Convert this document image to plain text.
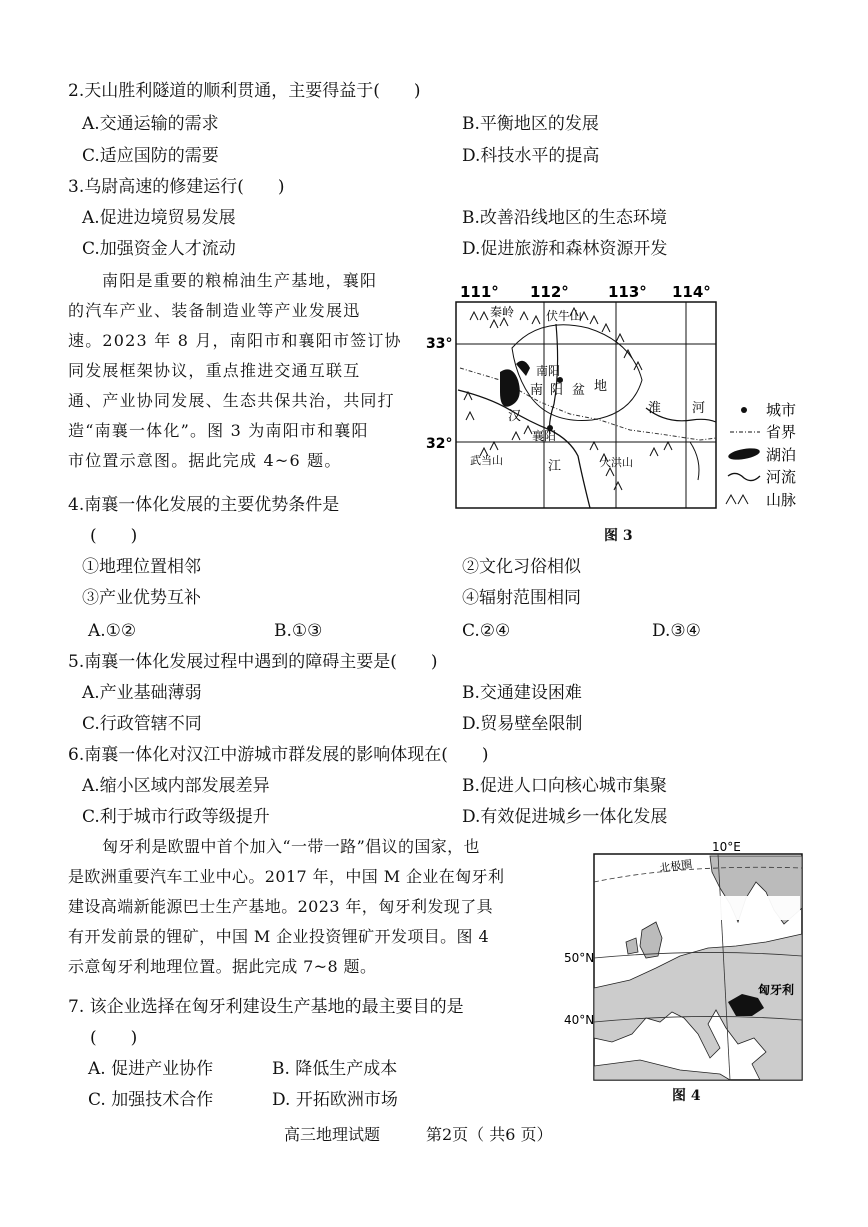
2.天山胜利隧道的顺利贯通，主要得益于(　　)
A.交通运输的需求	B.平衡地区的发展
C.适应国防的需要	D.科技水平的提高
3.乌尉高速的修建运行(　　)
A.促进边境贸易发展	B.改善沿线地区的生态环境
C.加强资金人才流动	D.促进旅游和森林资源开发
南阳是重要的粮棉油生产基地，襄阳
的汽车产业、装备制造业等产业发展迅
速。2023 年 8 月，南阳市和襄阳市签订协
同发展框架协议，重点推进交通互联互
通、产业协同发展、生态共保共治，共同打
造“南襄一体化”。图 3 为南阳市和襄阳
市位置示意图。据此完成 4~6 题。
111° 112°	113° 114°
33°
32°
秦岭	伏牛山
南阳
南 阳 盆 地
汉
襄阳
江
淮 河
大洪山
武当山
城市
省界
湖泊
河流
山脉
图 3
4.南襄一体化发展的主要优势条件是
(　　)
①地理位置相邻	②文化习俗相似
③产业优势互补	④辐射范围相同
A.①②	B.①③	C.②④	D.③④
5.南襄一体化发展过程中遇到的障碍主要是(　　)
A.产业基础薄弱	B.交通建设困难
C.行政管辖不同	D.贸易壁垒限制
6.南襄一体化对汉江中游城市群发展的影响体现在(　　)
A.缩小区域内部发展差异	B.促进人口向核心城市集聚
C.利于城市行政等级提升	D.有效促进城乡一体化发展
匈牙利是欧盟中首个加入“一带一路”倡议的国家，也
是欧洲重要汽车工业中心。2017 年，中国 M 企业在匈牙利
建设高端新能源巴士生产基地。2023 年，匈牙利发现了具
有开发前景的锂矿，中国 M 企业投资锂矿开发项目。图 4
示意匈牙利地理位置。据此完成 7~8 题。
10°E
北极圈
50°N
40°N
匈牙利
图 4
7. 该企业选择在匈牙利建设生产基地的最主要目的是
(　　)
A. 促进产业协作	B. 降低生产成本
C. 加强技术合作	D. 开拓欧洲市场
高三地理试题	第2页（ 共6 页）
